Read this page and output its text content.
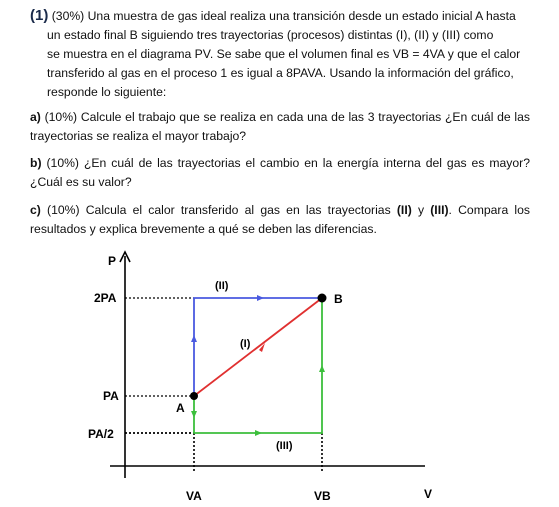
(1) (30%) Una muestra de gas ideal realiza una transición desde un estado inicial A hasta
un estado final B siguiendo tres trayectorias (procesos) distintas (I), (II) y (III) como
se muestra en el diagrama PV. Se sabe que el volumen final es VB = 4VA y que el calor
transferido al gas en el proceso 1 es igual a 8PAVA. Usando la información del gráfico,
responde lo siguiente:
a) (10%) Calcule el trabajo que se realiza en cada una de las 3 trayectorias ¿En cuál de las trayectorias se realiza el mayor trabajo?
b) (10%) ¿En cuál de las trayectorias el cambio en la energía interna del gas es mayor? ¿Cuál es su valor?
c) (10%) Calcula el calor transferido al gas en las trayectorias (II) y (III). Compara los resultados y explica brevemente a qué se deben las diferencias.
P
V
2PA
PA
PA/2
VA	VB
A
B
(I)
(II)
(III)
